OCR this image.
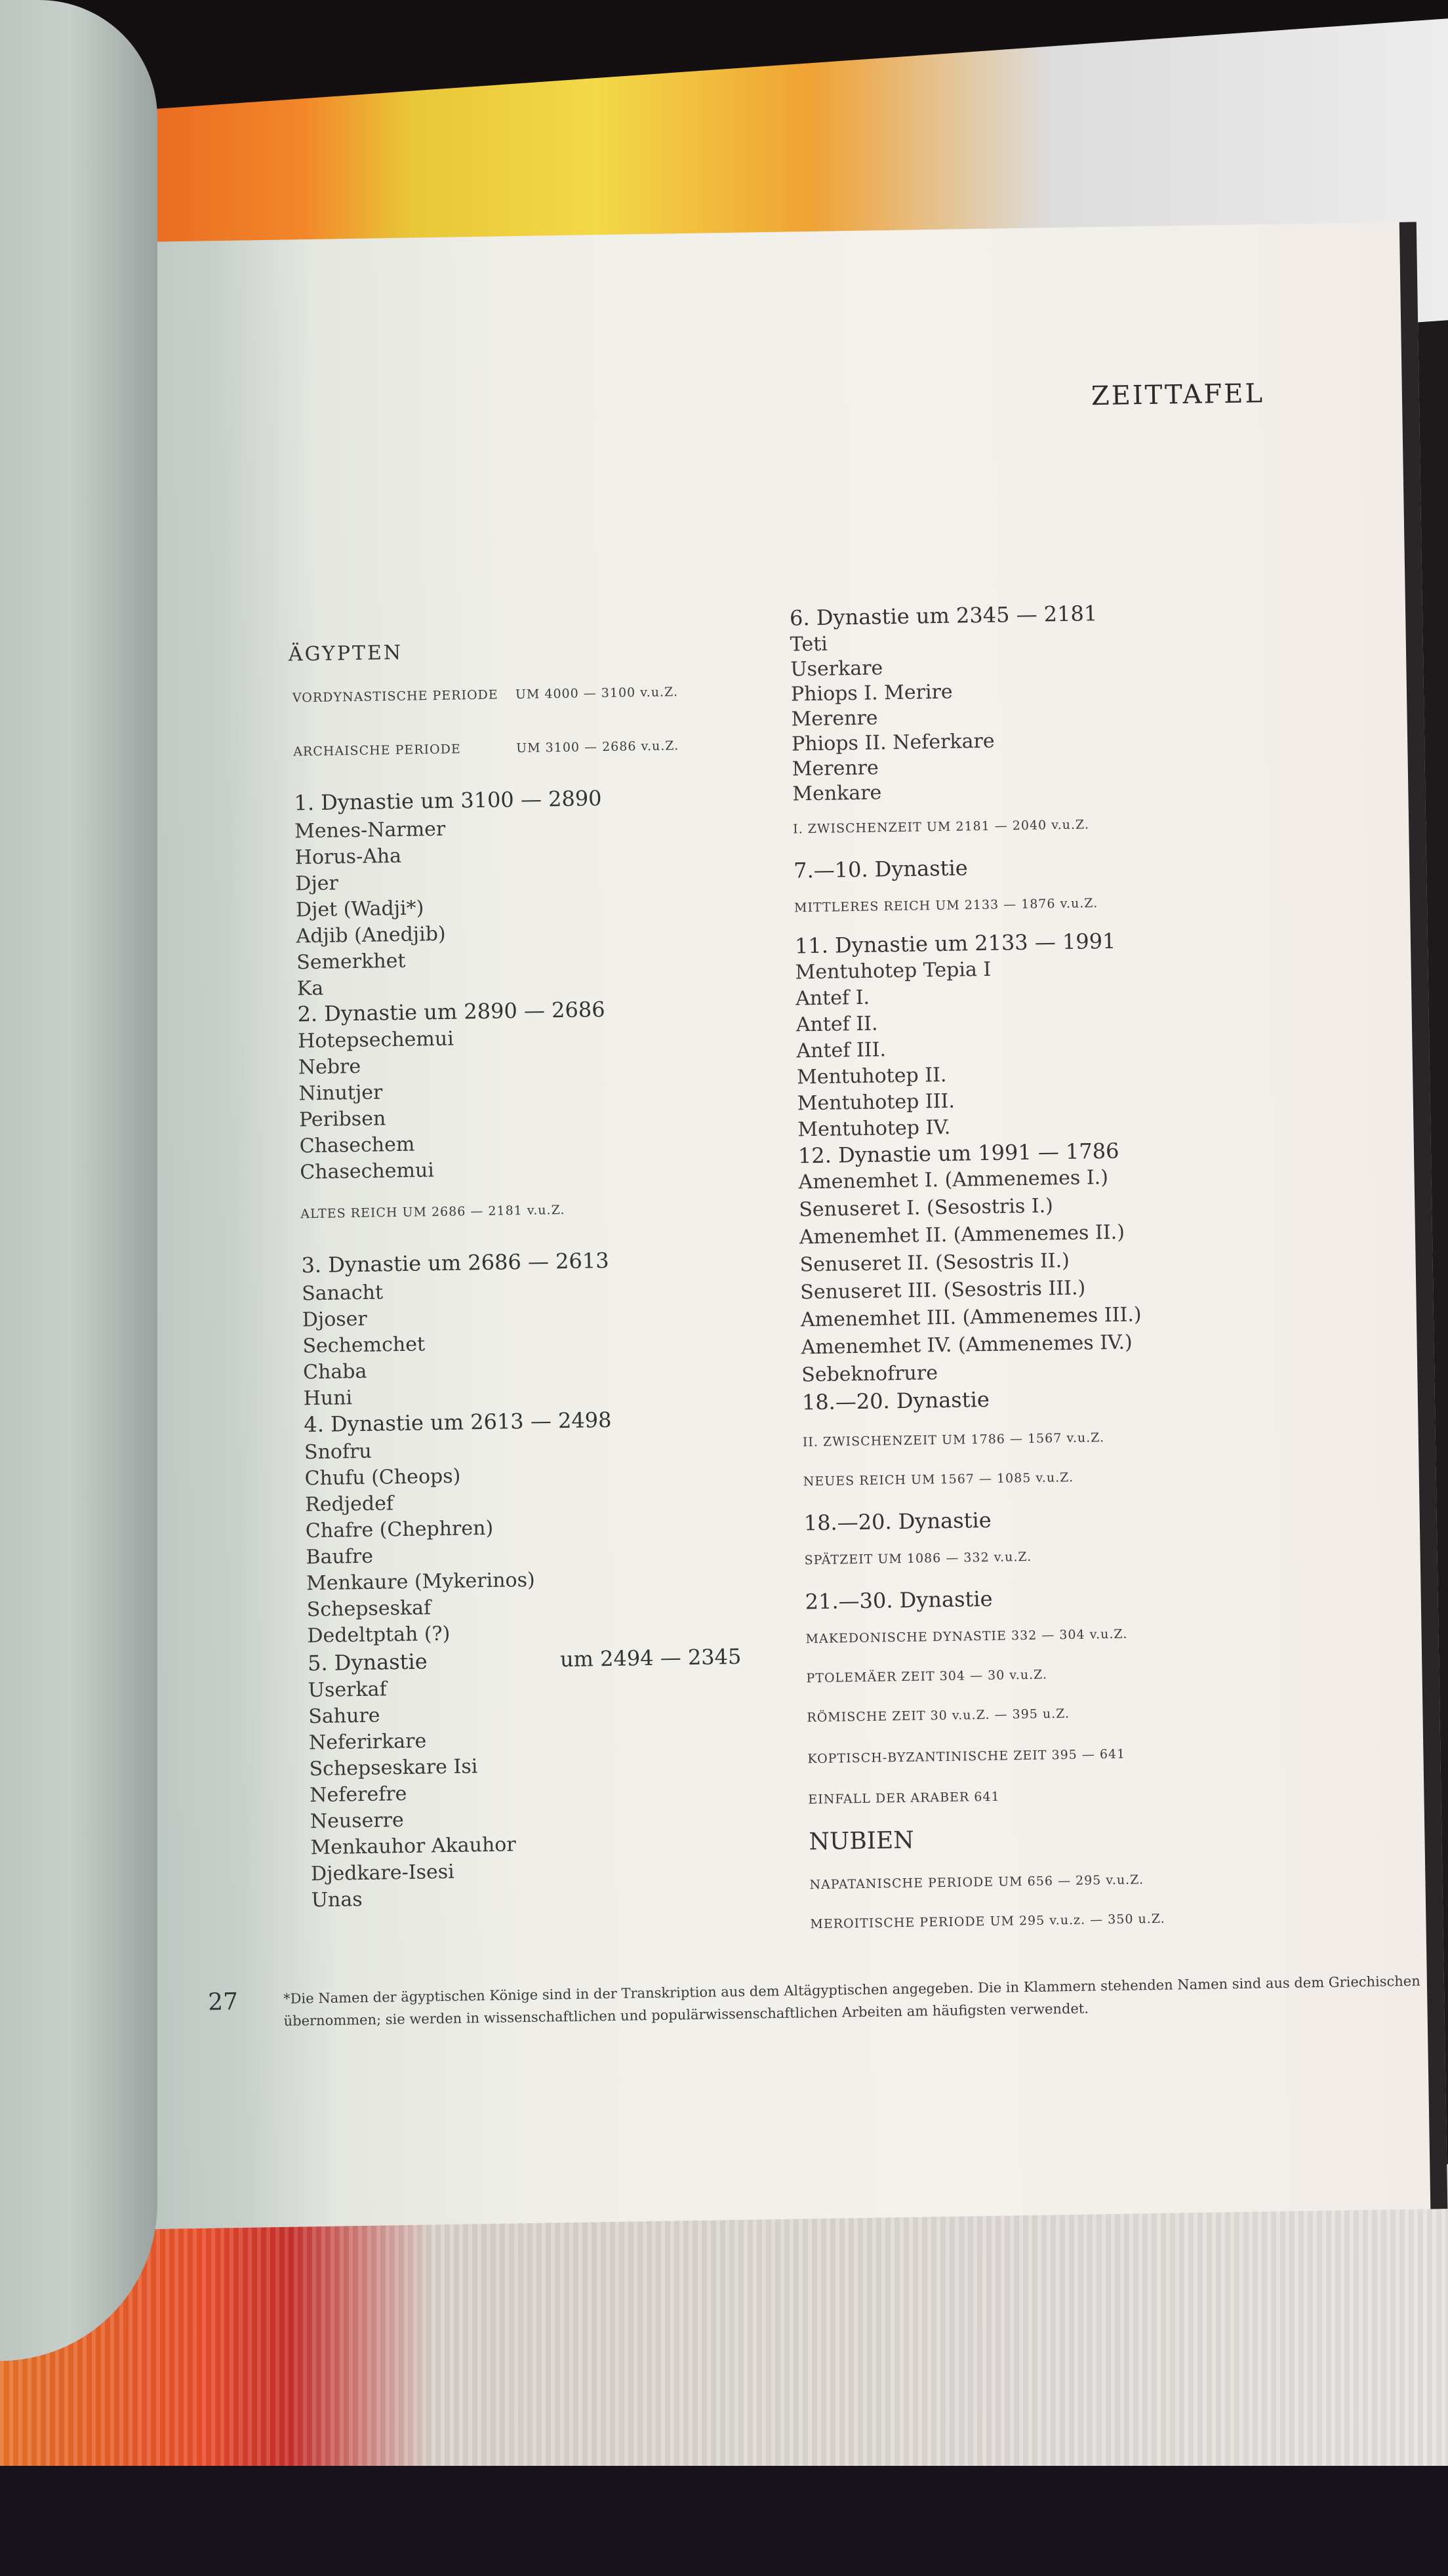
ZEITTAFEL
ÄGYPTEN
VORDYNASTISCHE PERIODE UM 4000 — 3100 v.u.Z.
ARCHAISCHE PERIODE	UM 3100 — 2686 v.u.Z.
1. Dynastie um 3100 — 2890
Menes-Narmer
Horus-Aha
Djer
Djet (Wadji*)
Adjib (Anedjib)
Semerkhet
Ka
2. Dynastie um 2890 — 2686
Hotepsechemui
Nebre
Ninutjer
Peribsen
Chasechem
Chasechemui
ALTES REICH UM 2686 — 2181 v.u.Z.
3. Dynastie um 2686 — 2613
Sanacht
Djoser
Sechemchet
Chaba
Huni
4. Dynastie um 2613 — 2498
Snofru
Chufu (Cheops)
Redjedef
Chafre (Chephren)
Baufre
Menkaure (Mykerinos)
Schepseskaf
Dedeltptah (?)
5. Dynastie	um 2494 — 2345
Userkaf
Sahure
Neferirkare
Schepseskare Isi
Neferefre
Neuserre
Menkauhor Akauhor
Djedkare-Isesi
Unas
6. Dynastie um 2345 — 2181
Teti
Userkare
Phiops I. Merire
Merenre
Phiops II. Neferkare
Merenre
Menkare
I. ZWISCHENZEIT UM 2181 — 2040 v.u.Z.
7.—10. Dynastie
MITTLERES REICH UM 2133 — 1876 v.u.Z.
11. Dynastie um 2133 — 1991
Mentuhotep Tepia I
Antef I.
Antef II.
Antef III.
Mentuhotep II.
Mentuhotep III.
Mentuhotep IV.
12. Dynastie um 1991 — 1786
Amenemhet I. (Ammenemes I.)
Senuseret I. (Sesostris I.)
Amenemhet II. (Ammenemes II.)
Senuseret II. (Sesostris II.)
Senuseret III. (Sesostris III.)
Amenemhet III. (Ammenemes III.)
Amenemhet IV. (Ammenemes IV.)
Sebeknofrure
18.—20. Dynastie
II. ZWISCHENZEIT UM 1786 — 1567 v.u.Z.
NEUES REICH UM 1567 — 1085 v.u.Z.
18.—20. Dynastie
SPÄTZEIT UM 1086 — 332 v.u.Z.
21.—30. Dynastie
MAKEDONISCHE DYNASTIE 332 — 304 v.u.Z.
PTOLEMÄER ZEIT 304 — 30 v.u.Z.
RÖMISCHE ZEIT 30 v.u.Z. — 395 u.Z.
KOPTISCH-BYZANTINISCHE ZEIT 395 — 641
EINFALL DER ARABER 641
NUBIEN
NAPATANISCHE PERIODE UM 656 — 295 v.u.Z.
MEROITISCHE PERIODE UM 295 v.u.z. — 350 u.Z.
27	*Die Namen der ägyptischen Könige sind in der Transkription aus dem Altägyptischen angegeben. Die in Klammern stehenden Namen sind aus dem Griechischen übernommen; sie werden in wissenschaftlichen und populärwissenschaftlichen Arbeiten am häufigsten verwendet.
